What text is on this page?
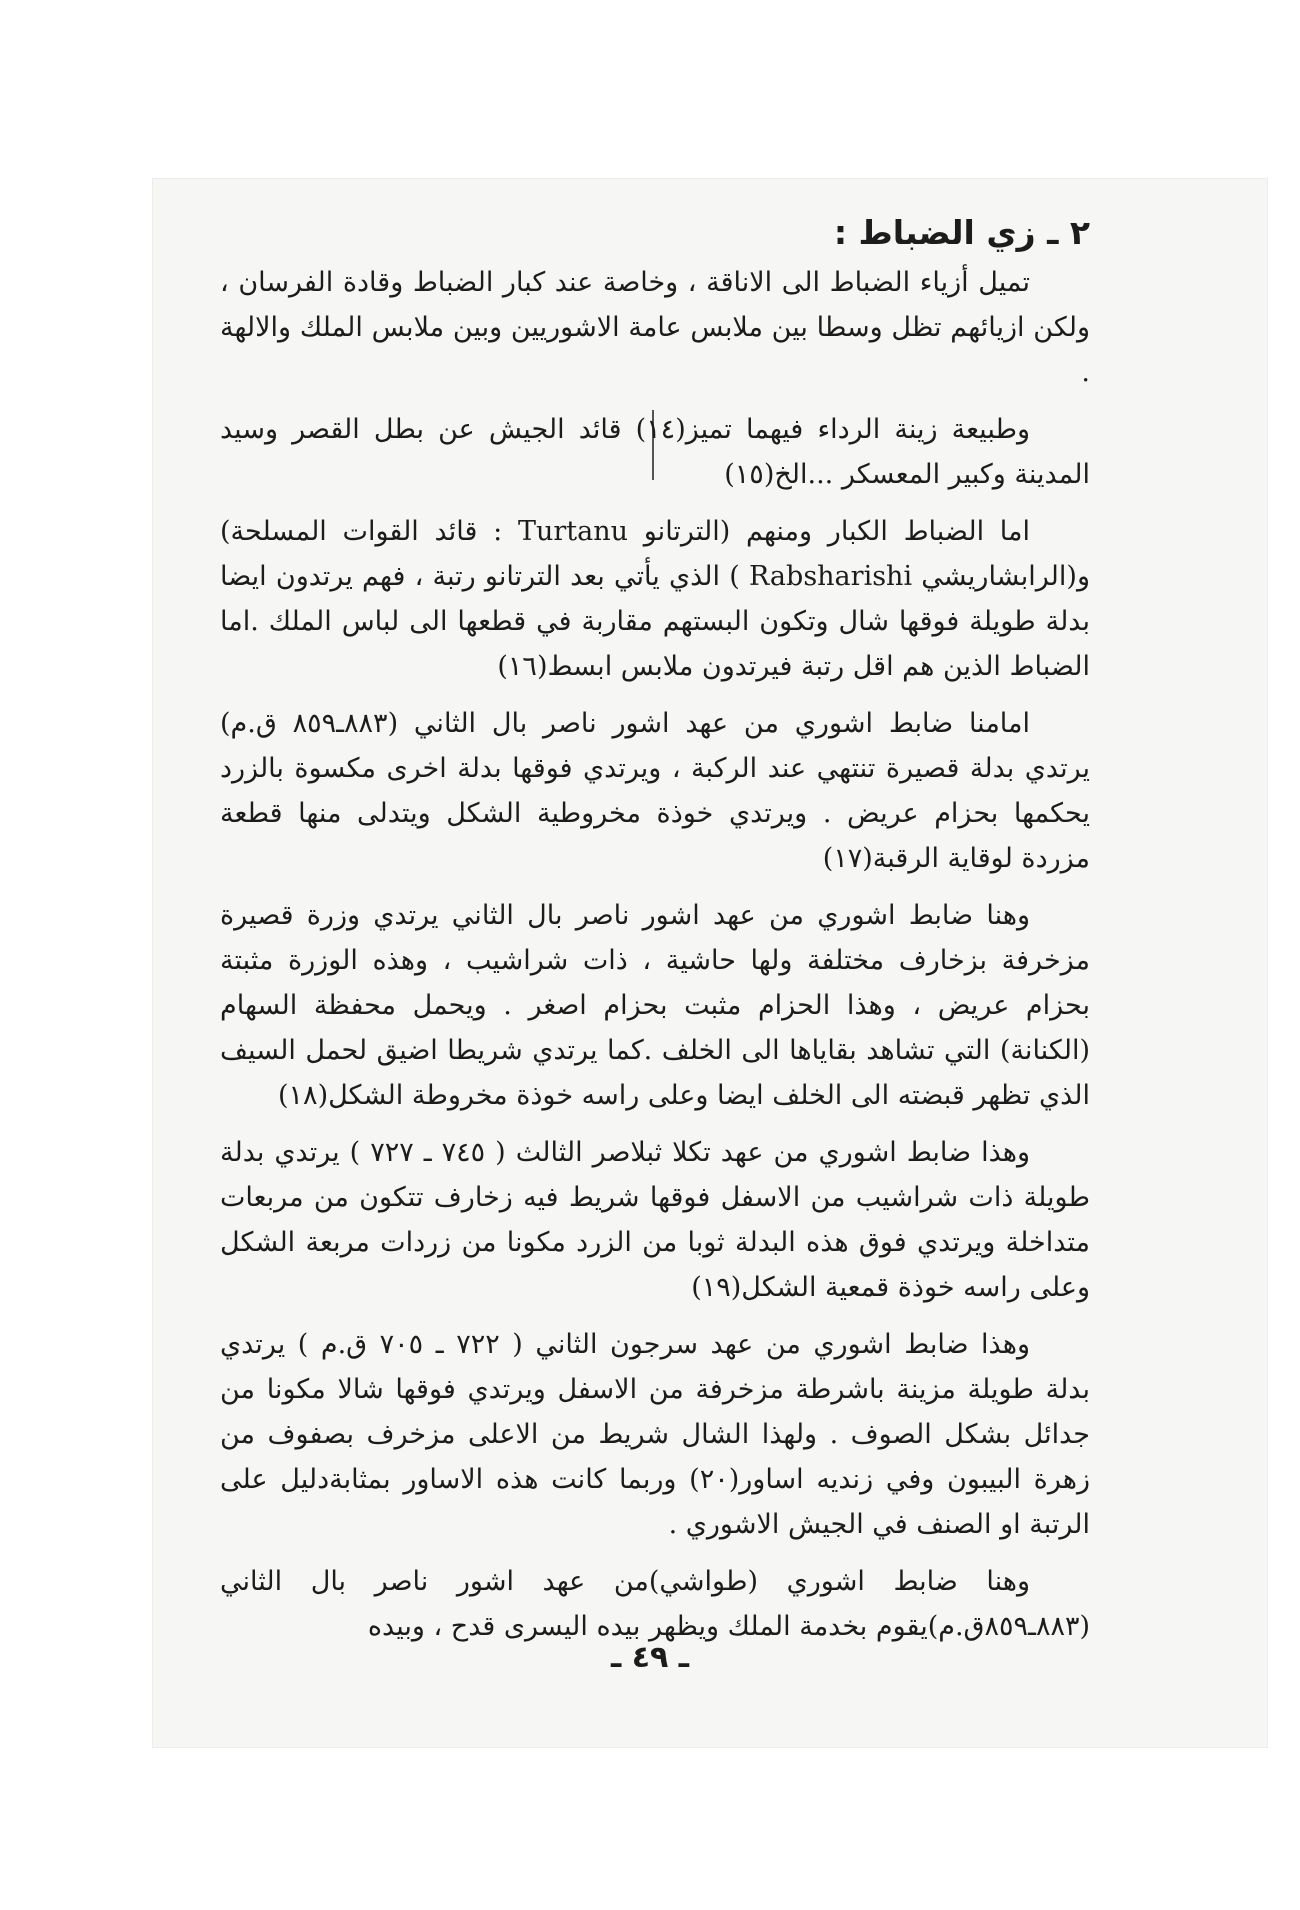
٢ ـ زي الضباط :

تميل أزياء الضباط الى الاناقة ، وخاصة عند كبار الضباط وقادة الفرسان ، ولكن ازيائهم تظل وسطا بين ملابس عامة الاشوريين وبين ملابس الملك والالهة .

وطبيعة زينة الرداء فيهما تميز(١٤) قائد الجيش عن بطل القصر وسيد المدينة وكبير المعسكر ...الخ(١٥)

اما الضباط الكبار ومنهم (الترتانو Turtanu : قائد القوات المسلحة) و(الرابشاريشي Rabsharishi ) الذي يأتي بعد الترتانو رتبة ، فهم يرتدون ايضا بدلة طويلة فوقها شال وتكون البستهم مقاربة في قطعها الى لباس الملك .اما الضباط الذين هم اقل رتبة فيرتدون ملابس ابسط(١٦)

امامنا ضابط اشوري من عهد اشور ناصر بال الثاني (٨٨٣ـ٨٥٩ ق.م) يرتدي بدلة قصيرة تنتهي عند الركبة ، ويرتدي فوقها بدلة اخرى مكسوة بالزرد يحكمها بحزام عريض . ويرتدي خوذة مخروطية الشكل ويتدلى منها قطعة مزردة لوقاية الرقبة(١٧)

وهنا ضابط اشوري من عهد اشور ناصر بال الثاني يرتدي وزرة قصيرة مزخرفة بزخارف مختلفة ولها حاشية ، ذات شراشيب ، وهذه الوزرة مثبتة بحزام عريض ، وهذا الحزام مثبت بحزام اصغر . ويحمل محفظة السهام (الكنانة) التي تشاهد بقاياها الى الخلف .كما يرتدي شريطا اضيق لحمل السيف الذي تظهر قبضته الى الخلف ايضا وعلى راسه خوذة مخروطة الشكل(١٨)

وهذا ضابط اشوري من عهد تكلا ثبلاصر الثالث ( ٧٤٥ ـ ٧٢٧ ) يرتدي بدلة طويلة ذات شراشيب من الاسفل فوقها شريط فيه زخارف تتكون من مربعات متداخلة ويرتدي فوق هذه البدلة ثوبا من الزرد مكونا من زردات مربعة الشكل وعلى راسه خوذة قمعية الشكل(١٩)

وهذا ضابط اشوري من عهد سرجون الثاني ( ٧٢٢ ـ ٧٠٥ ق.م ) يرتدي بدلة طويلة مزينة باشرطة مزخرفة من الاسفل ويرتدي فوقها شالا مكونا من جدائل بشكل الصوف . ولهذا الشال شريط من الاعلى مزخرف بصفوف من زهرة البيبون وفي زنديه اساور(٢٠) وربما كانت هذه الاساور بمثابةدليل على الرتبة او الصنف في الجيش الاشوري .

وهنا ضابط اشوري (طواشي)من عهد اشور ناصر بال الثاني (٨٨٣ـ٨٥٩ق.م)يقوم بخدمة الملك ويظهر بيده اليسرى قدح ، وبيده

ـ ٤٩ ـ
